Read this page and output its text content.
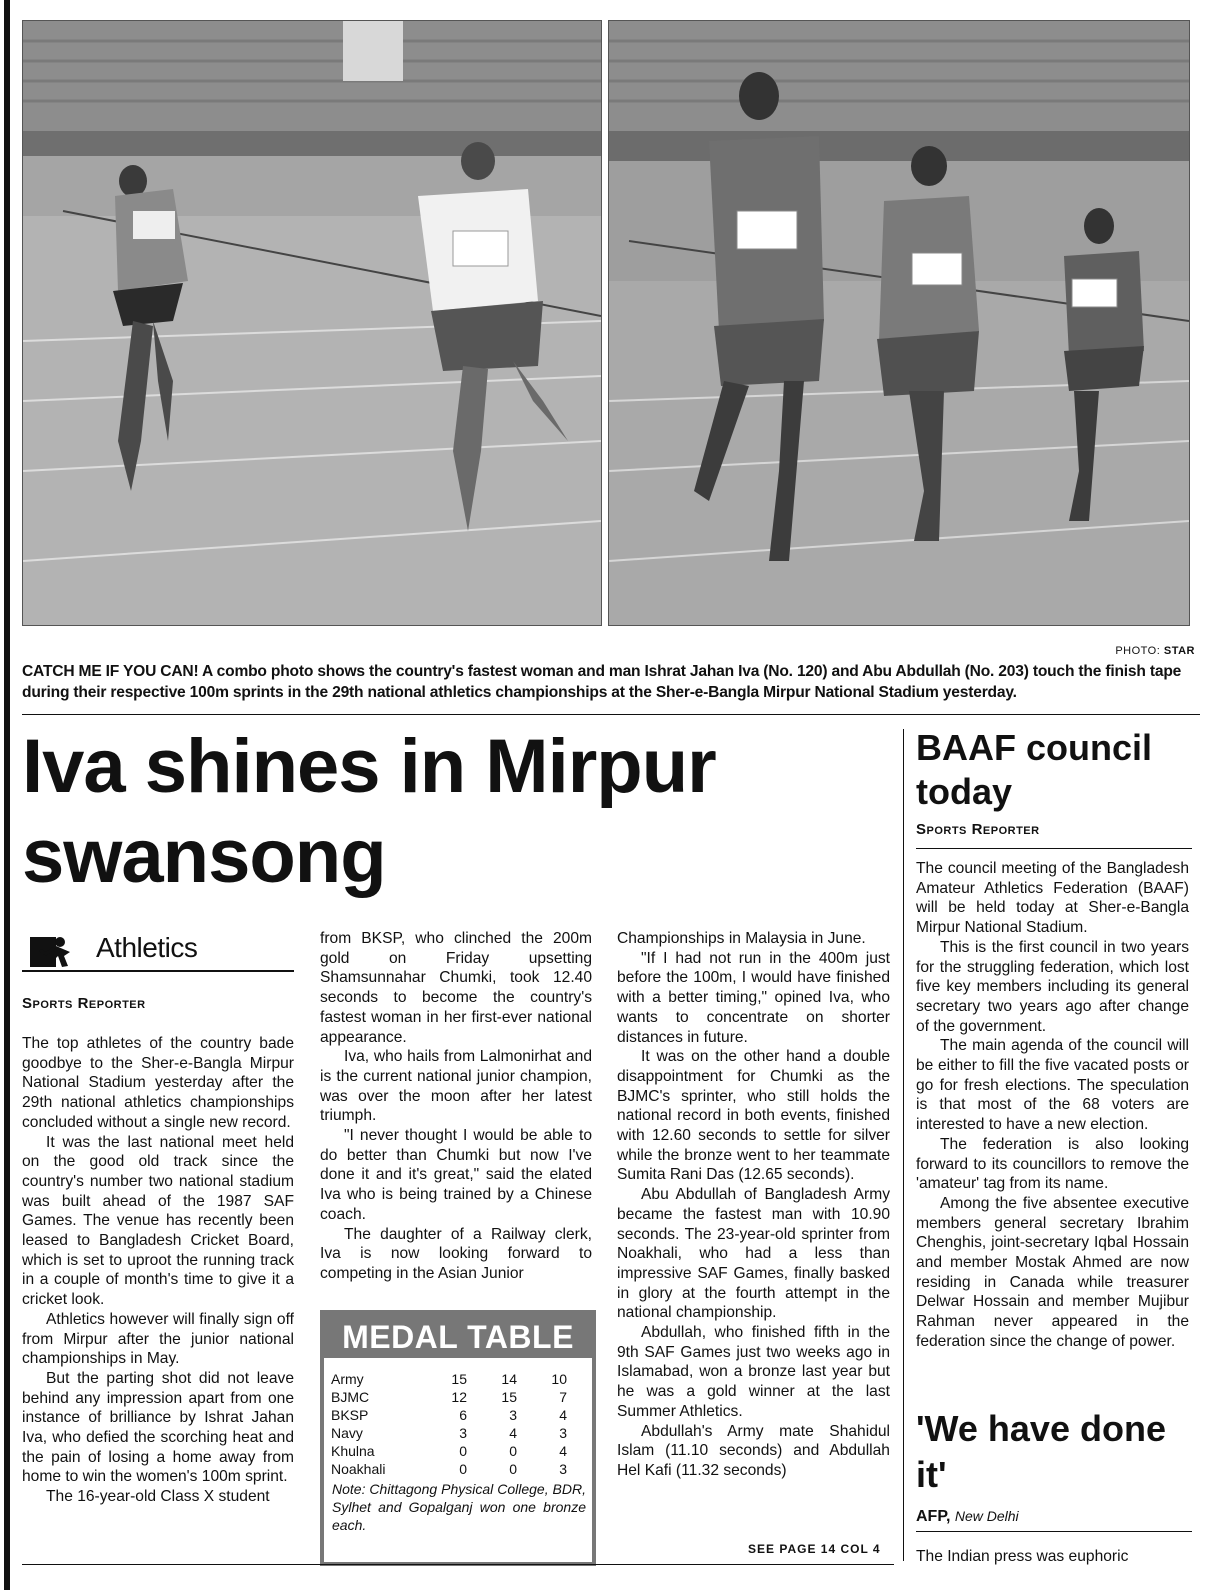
PHOTO: STAR
CATCH ME IF YOU CAN! A combo photo shows the country's fastest woman and man Ishrat Jahan Iva (No. 120) and Abu Abdullah (No. 203) touch the finish tape during their respective 100m sprints in the 29th national athletics championships at the Sher-e-Bangla Mirpur National Stadium yesterday.
Iva shines in Mirpur swansong
Athletics
Sports Reporter

The top athletes of the country bade goodbye to the Sher-e-Bangla Mirpur National Stadium yesterday after the 29th national athletics championships concluded without a single new record.

It was the last national meet held on the good old track since the country's number two national stadium was built ahead of the 1987 SAF Games. The venue has recently been leased to Bangladesh Cricket Board, which is set to uproot the running track in a couple of month's time to give it a cricket look.

Athletics however will finally sign off from Mirpur after the junior national championships in May.

But the parting shot did not leave behind any impression apart from one instance of brilliance by Ishrat Jahan Iva, who defied the scorching heat and the pain of losing a home away from home to win the women's 100m sprint.

The 16-year-old Class X student

from BKSP, who clinched the 200m gold on Friday upsetting Shamsunnahar Chumki, took 12.40 seconds to become the country's fastest woman in her first-ever national appearance.

Iva, who hails from Lalmonirhat and is the current national junior champion, was over the moon after her latest triumph.

"I never thought I would be able to do better than Chumki but now I've done it and it's great," said the elated Iva who is being trained by a Chinese coach.

The daughter of a Railway clerk, Iva is now looking forward to competing in the Asian Junior

MEDAL TABLE
Army	15	14	10
BJMC	12	15	7
BKSP	6	3	4
Navy	3	4	3
Khulna	0	0	4
Noakhali	0	0	3
Note: Chittagong Physical College, BDR, Sylhet and Gopalganj won one bronze each.

Championships in Malaysia in June.

"If I had not run in the 400m just before the 100m, I would have finished with a better timing," opined Iva, who wants to concentrate on shorter distances in future.

It was on the other hand a double disappointment for Chumki as the BJMC's sprinter, who still holds the national record in both events, finished with 12.60 seconds to settle for silver while the bronze went to her teammate Sumita Rani Das (12.65 seconds).

Abu Abdullah of Bangladesh Army became the fastest man with 10.90 seconds. The 23-year-old sprinter from Noakhali, who had a less than impressive SAF Games, finally basked in glory at the fourth attempt in the national championship.

Abdullah, who finished fifth in the 9th SAF Games just two weeks ago in Islamabad, won a bronze last year but he was a gold winner at the last Summer Athletics.

Abdullah's Army mate Shahidul Islam (11.10 seconds) and Abdullah Hel Kafi (11.32 seconds)

SEE PAGE 14 COL 4
BAAF council today
Sports Reporter

The council meeting of the Bangladesh Amateur Athletics Federation (BAAF) will be held today at Sher-e-Bangla Mirpur National Stadium.

This is the first council in two years for the struggling federation, which lost five key members including its general secretary two years ago after change of the government.

The main agenda of the council will be either to fill the five vacated posts or go for fresh elections. The speculation is that most of the 68 voters are interested to have a new election.

The federation is also looking forward to its councillors to remove the 'amateur' tag from its name.

Among the five absentee executive members general secretary Ibrahim Chenghis, joint-secretary Iqbal Hossain and member Mostak Ahmed are now residing in Canada while treasurer Delwar Hossain and member Mujibur Rahman never appeared in the federation since the change of power.

'We have done it'
AFP, New Delhi

The Indian press was euphoric
